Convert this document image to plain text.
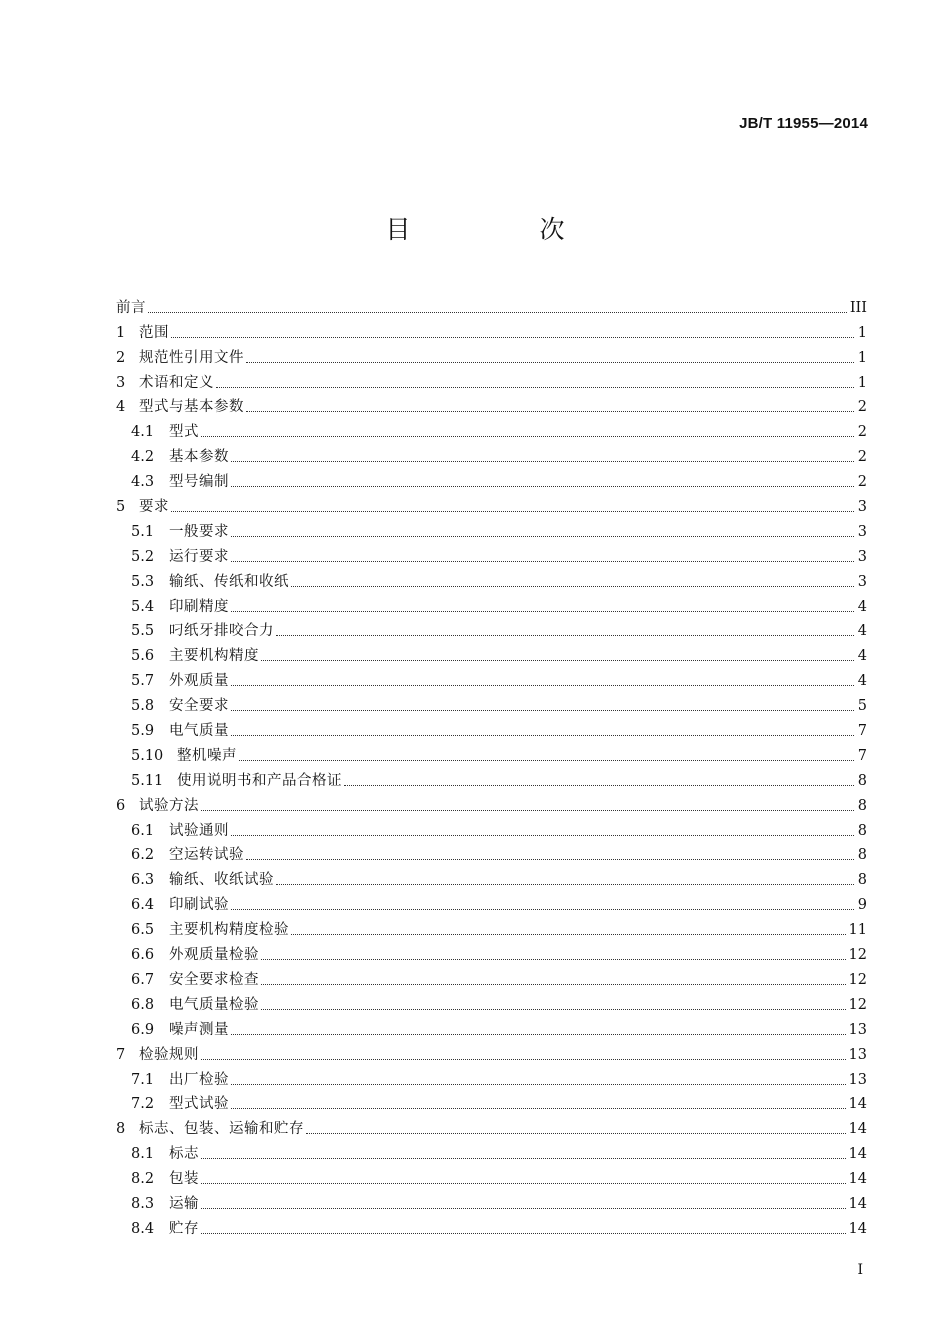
JB/T 11955—2014
目　次
前言	III
1 范围	1
2 规范性引用文件	1
3 术语和定义	1
4 型式与基本参数	2
4.1	型式	2
4.2	基本参数	2
4.3	型号编制	2
5 要求	3
5.1	一般要求	3
5.2	运行要求	3
5.3	输纸、传纸和收纸	3
5.4	印刷精度	4
5.5	叼纸牙排咬合力	4
5.6	主要机构精度	4
5.7	外观质量	4
5.8	安全要求	5
5.9	电气质量	7
5.10 整机噪声	7
5.11 使用说明书和产品合格证	8
6 试验方法	8
6.1	试验通则	8
6.2	空运转试验	8
6.3	输纸、收纸试验	8
6.4	印刷试验	9
6.5	主要机构精度检验	11
6.6	外观质量检验	12
6.7	安全要求检查	12
6.8	电气质量检验	12
6.9	噪声测量	13
7 检验规则	13
7.1	出厂检验	13
7.2	型式试验	14
8 标志、包装、运输和贮存	14
8.1	标志	14
8.2	包装	14
8.3	运输	14
8.4	贮存	14
I
